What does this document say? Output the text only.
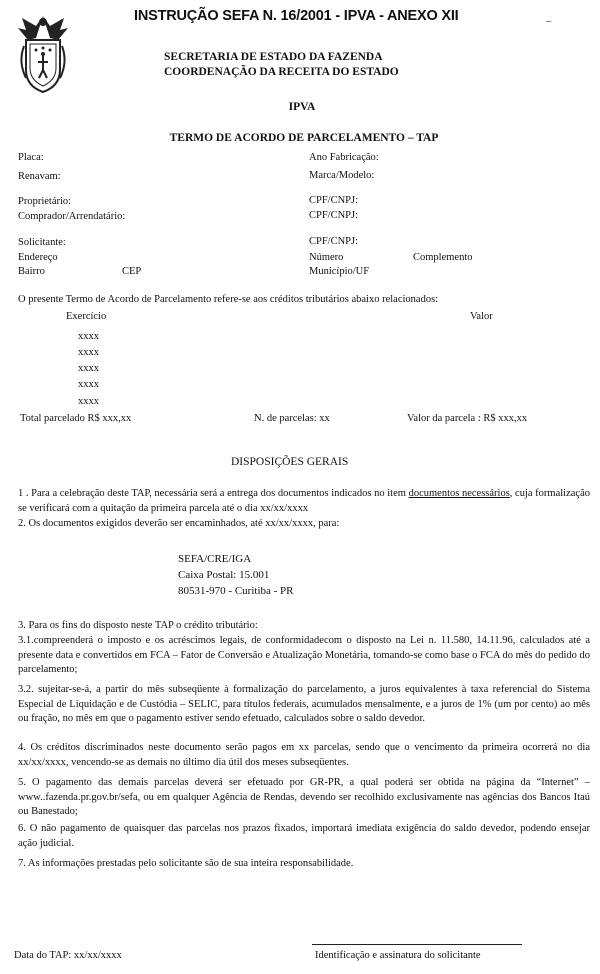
INSTRUÇÃO SEFA N. 16/2001 - IPVA - ANEXO XII	–
SECRETARIA DE ESTADO DA FAZENDA
COORDENAÇÃO DA RECEITA DO ESTADO
IPVA
TERMO DE ACORDO DE PARCELAMENTO – TAP
Placa:	Ano Fabricação:
Renavam:	Marca/Modelo:
Proprietário:	CPF/CNPJ:
Comprador/Arrendatário:	CPF/CNPJ:
Solicitante:	CPF/CNPJ:
Endereço	Número	Complemento
Bairro	CEP	Município/UF
O presente Termo de Acordo de Parcelamento refere-se aos créditos tributários abaixo relacionados:
Exercício	Valor
xxxx
xxxx
xxxx
xxxx
xxxx
Total parcelado R$ xxx,xx	N. de parcelas: xx	Valor da parcela : R$ xxx,xx
DISPOSIÇÕES GERAIS
1 . Para a celebração deste TAP, necessária será a entrega dos documentos indicados no item documentos necessários, cuja formalização se verificará com a quitação da primeira parcela até o dia xx/xx/xxxx
2. Os documentos exigidos deverão ser encaminhados, até xx/xx/xxxx, para:
SEFA/CRE/IGA
Caixa Postal: 15.001
80531-970 - Curitiba - PR
3. Para os fins do disposto neste TAP o crédito tributário:
3.1.compreenderá o imposto e os acréscimos legais, de conformidadecom o disposto na Lei n. 11.580, 14.11.96, calculados até a presente data e convertidos em FCA – Fator de Conversão e Atualização Monetária, tomando-se como base o FCA do mês do pedido do parcelamento;
3.2. sujeitar-se-á, a partir do mês subseqüente à formalização do parcelamento, a juros equivalentes à taxa referencial do Sistema Especial de Liquidação e de Custódia – SELIC, para títulos federais, acumulados mensalmente, e a juros de 1% (um por cento) ao mês ou fração, no mês em que o pagamento estiver sendo efetuado, calculados sobre o saldo devedor.
4. Os créditos discriminados neste documento serão pagos em xx parcelas, sendo que o vencimento da primeira ocorrerá no dia xx/xx/xxxx, vencendo-se as demais no último dia útil dos meses subseqüentes.
5. O pagamento das demais parcelas deverá ser efetuado por GR-PR, a qual poderá ser obtida na página da “Internet” – www..fazenda.pr.gov.br/sefa, ou em qualquer Agência de Rendas, devendo ser recolhido exclusivamente nas agências dos Bancos Itaú ou Banestado;
6. O não pagamento de quaisquer das parcelas nos prazos fixados, importará imediata exigência do saldo devedor, podendo ensejar ação judicial.
7. As informações prestadas pelo solicitante são de sua inteira responsabilidade.
Data do TAP: xx/xx/xxxx	Identificação e assinatura do solicitante
